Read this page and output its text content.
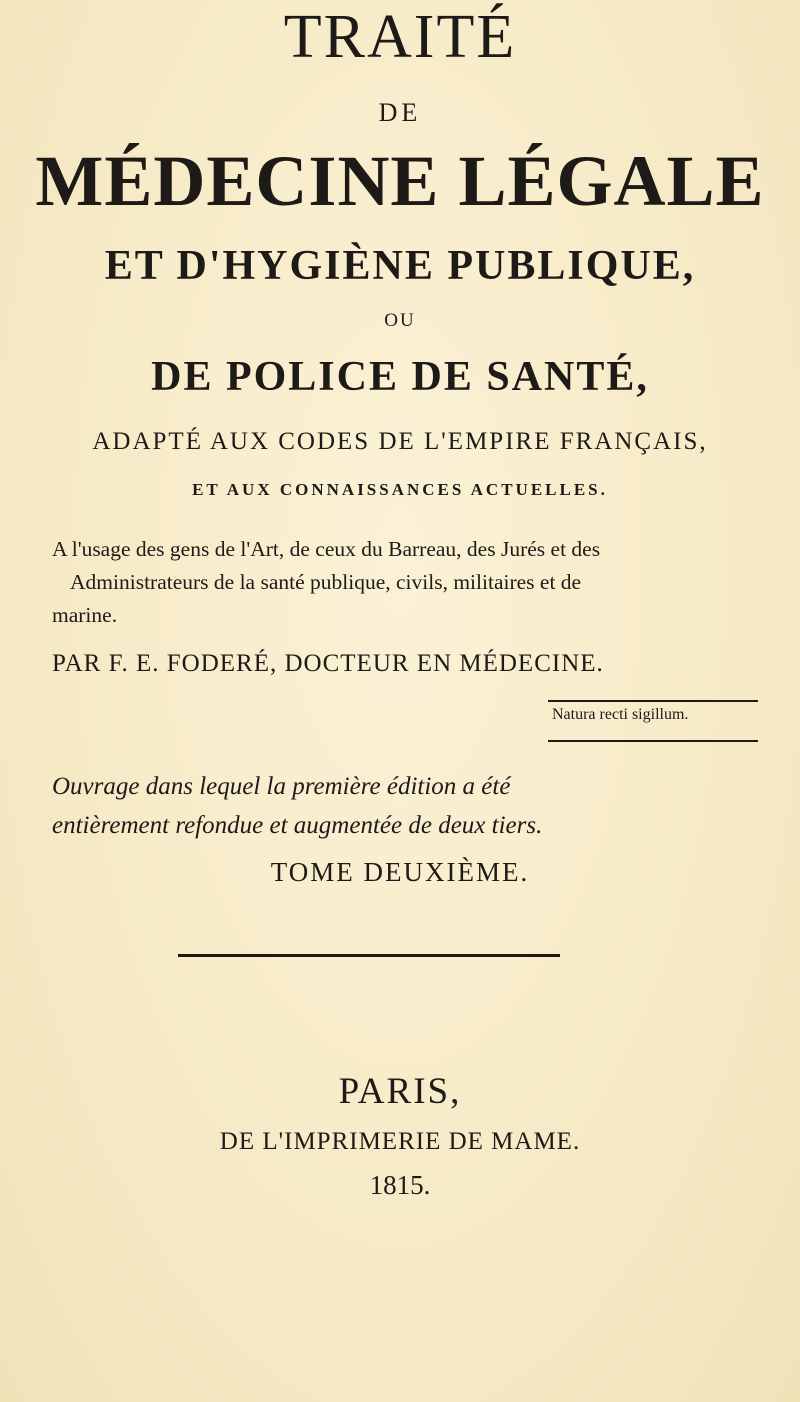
TRAITÉ
DE
MÉDECINE LÉGALE
ET D'HYGIÈNE PUBLIQUE,
OU
DE POLICE DE SANTÉ,
ADAPTÉ AUX CODES DE L'EMPIRE FRANÇAIS,
ET AUX CONNAISSANCES ACTUELLES.
A l'usage des gens de l'Art, de ceux du Barreau, des Jurés et des
Administrateurs de la santé publique, civils, militaires et de
marine.
PAR F. E. FODERÉ, DOCTEUR EN MÉDECINE.
Natura recti sigillum.
Ouvrage dans lequel la première édition a été
entièrement refondue et augmentée de deux tiers.
TOME DEUXIÈME.
PARIS,
DE L'IMPRIMERIE DE MAME.
1815.
